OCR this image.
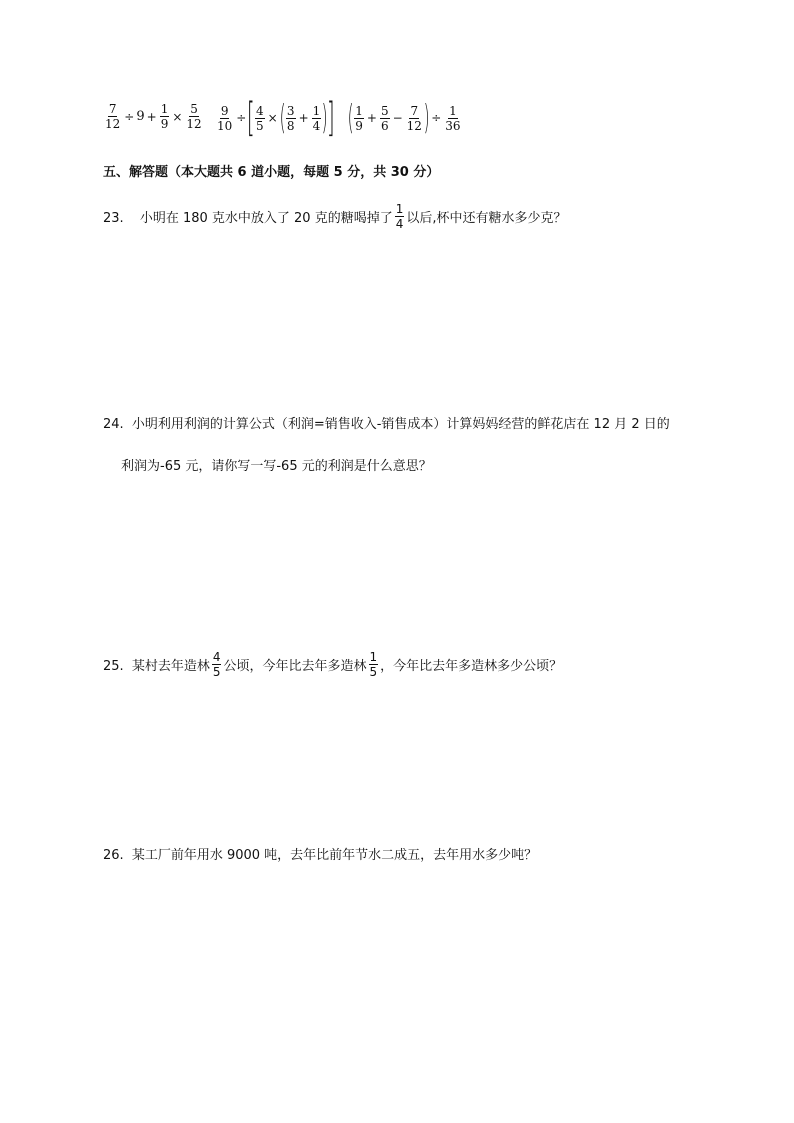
$\frac{7}{12} \div 9 + \frac{1}{9} \times \frac{5}{12} \frac{9}{10}$ ÷ [ $\frac{4}{5}$ × ( $\frac{3}{8} + \frac{1}{4}$ )
] ( $\frac{1}{9} + \frac{5}{6} - \frac{7}{12}$ ) ÷ $\frac{1}{36}$
五、解答题（本大题共 6 道小题，每题 5 分，共 30 分）
23. 小明在 180 克水中放入了 20 克的糖喝掉了 $\frac{1}{4}$ 以后,杯中还有糖水多少克？
24. 小明利用利润的计算公式（利润=销售收入-销售成本）计算妈妈经营的鲜花店在 12 月 2 日的
利润为-65 元，请你写一写-65 元的利润是什么意思？
25. 某村去年造林 $\frac{4}{5}$ 公顷，今年比去年多造林 $\frac{1}{5}$ ，今年比去年多造林多少公顷？
26. 某工厂前年用水 9000 吨，去年比前年节水二成五，去年用水多少吨？
